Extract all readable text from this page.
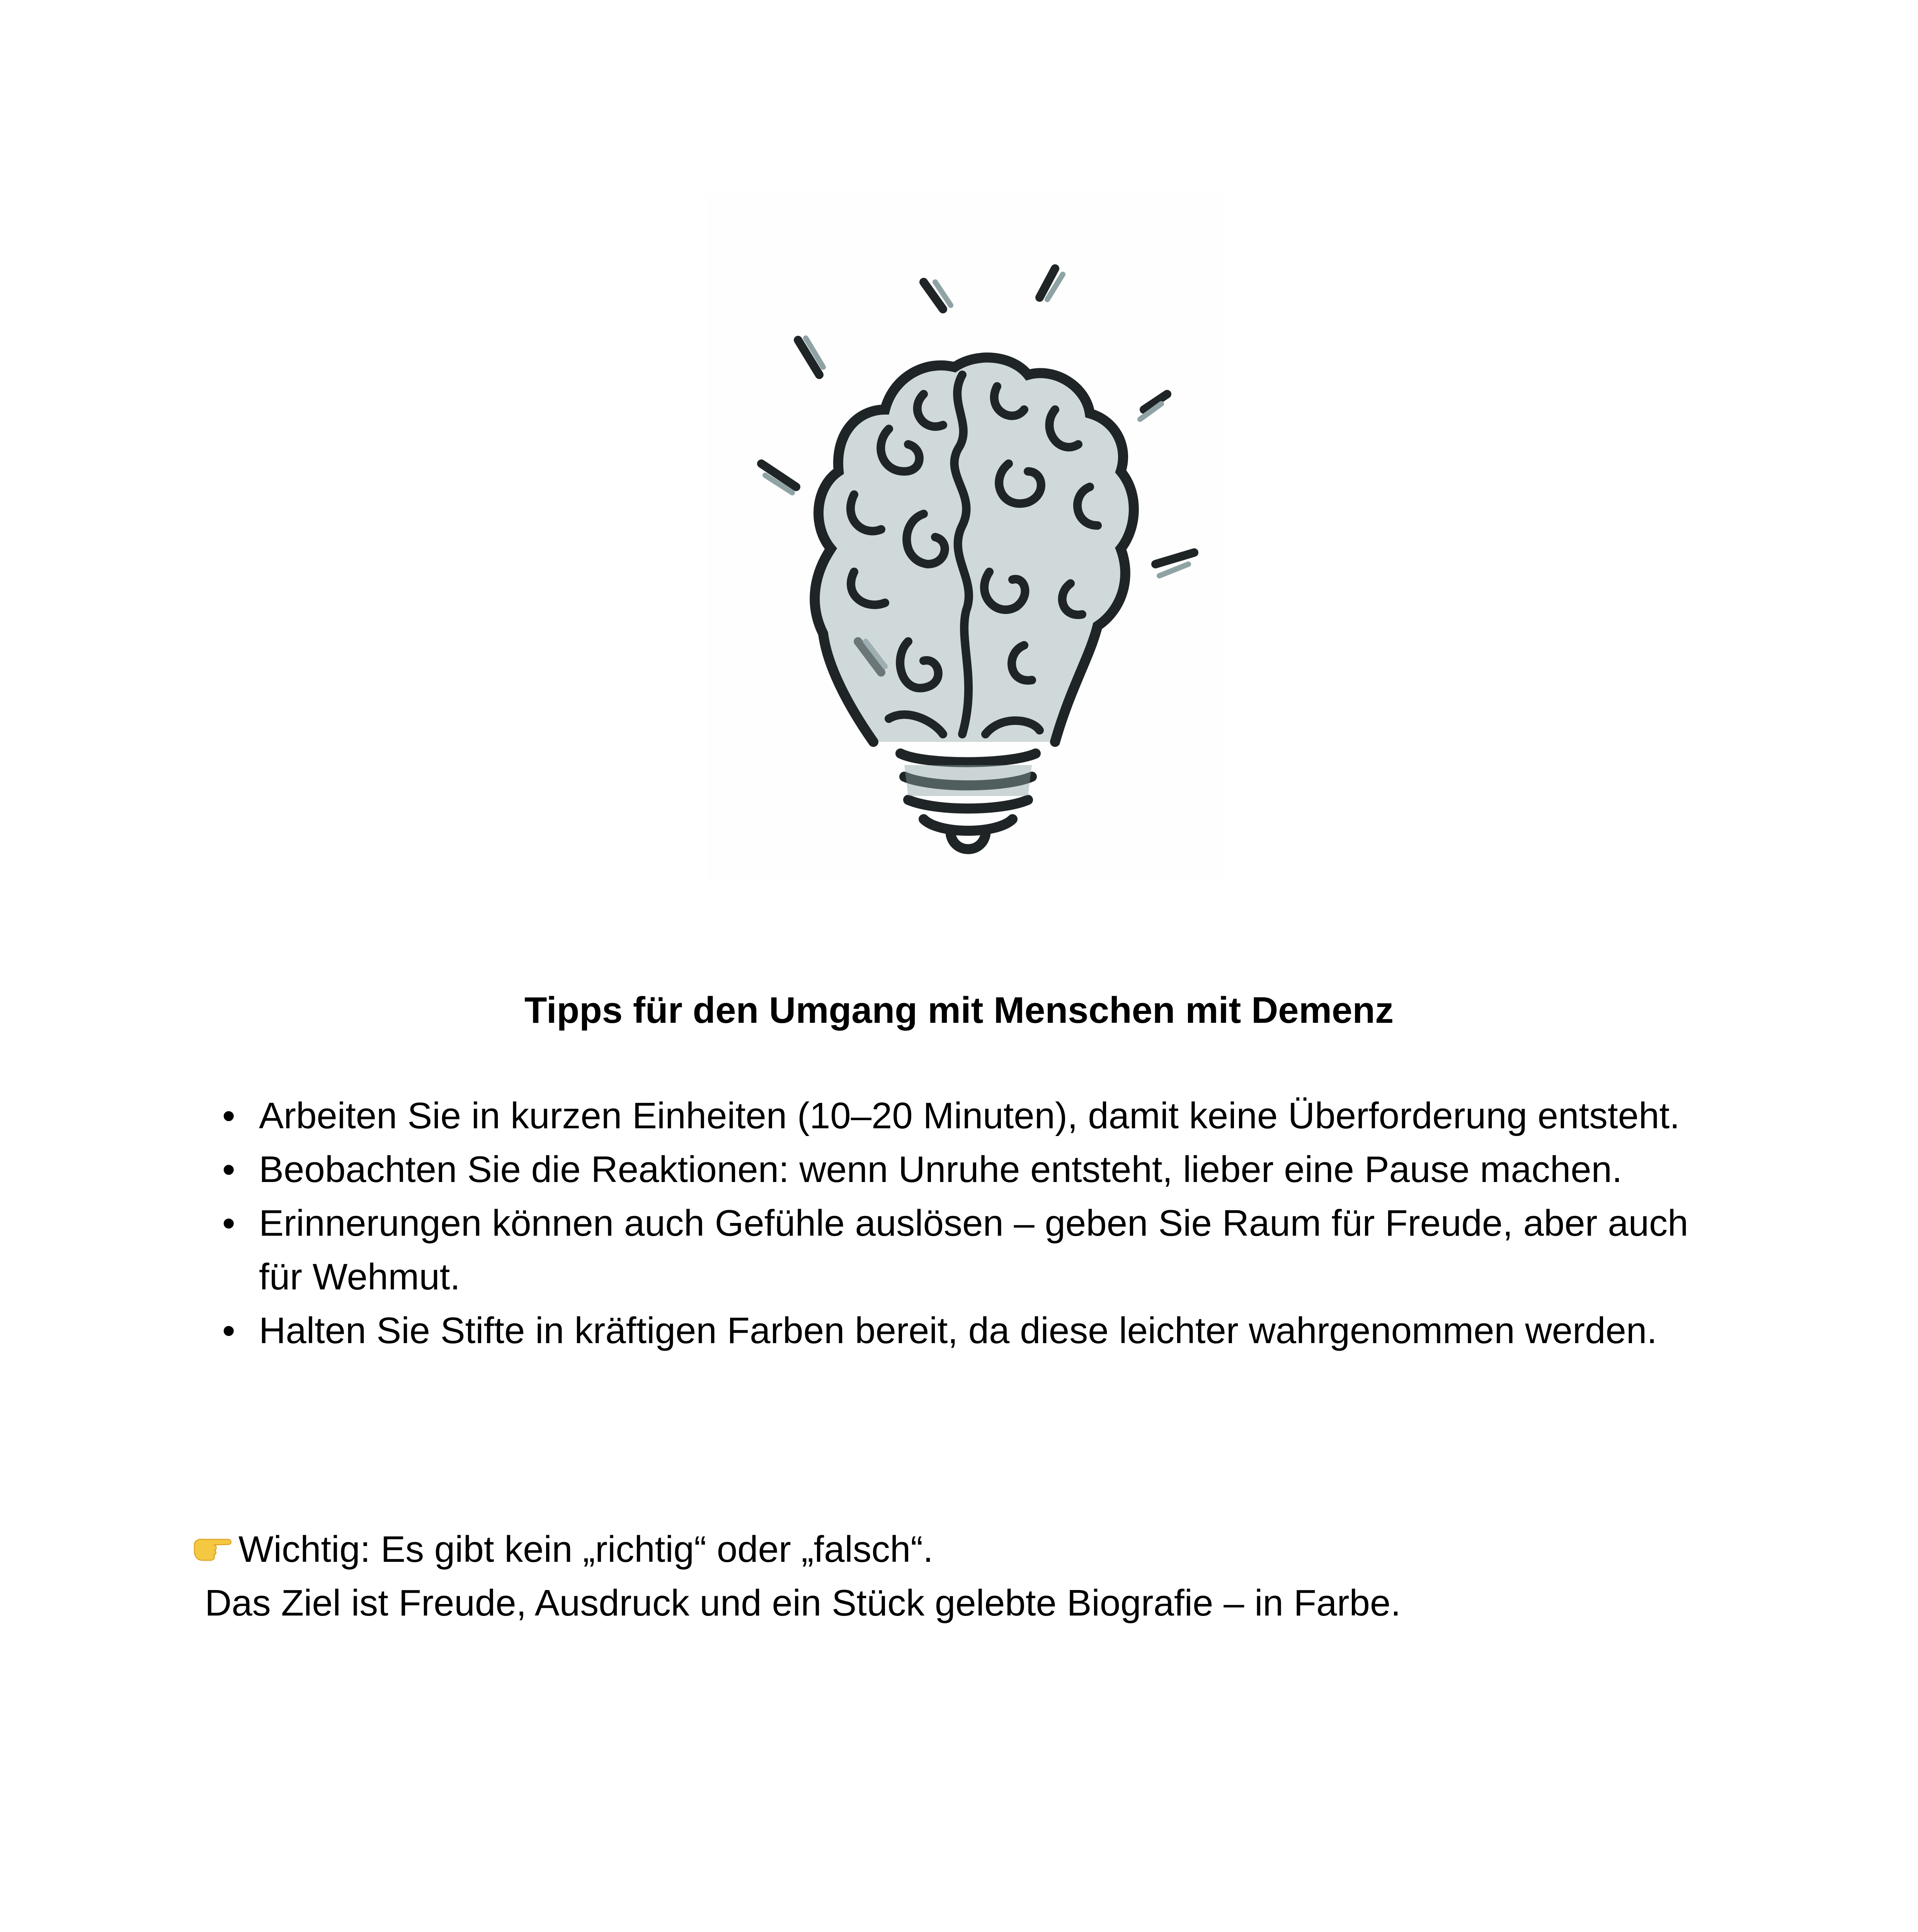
Tipps für den Umgang mit Menschen mit Demenz
• Arbeiten Sie in kurzen Einheiten (10–20 Minuten), damit keine Überforderung entsteht.
• Beobachten Sie die Reaktionen: wenn Unruhe entsteht, lieber eine Pause machen.
• Erinnerungen können auch Gefühle auslösen – geben Sie Raum für Freude, aber auch für Wehmut.
• Halten Sie Stifte in kräftigen Farben bereit, da diese leichter wahrgenommen werden.
Wichtig: Es gibt kein „richtig“ oder „falsch“.
Das Ziel ist Freude, Ausdruck und ein Stück gelebte Biografie – in Farbe.
